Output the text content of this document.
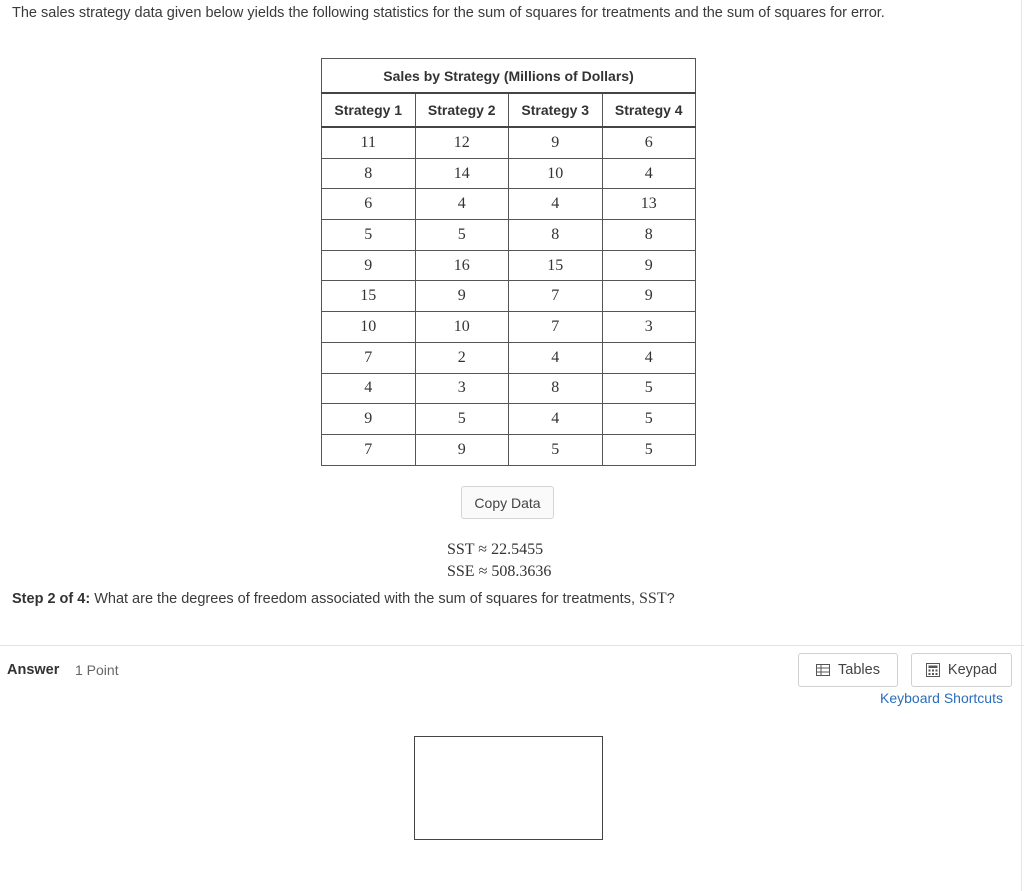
The sales strategy data given below yields the following statistics for the sum of squares for treatments and the sum of squares for error.
Sales by Strategy (Millions of Dollars)			
Strategy 1	Strategy 2	Strategy 3	Strategy 4
11	12	9	6
8	14	10	4
6	4	4	13
5	5	8	8
9	16	15	9
15	9	7	9
10	10	7	3
7	2	4	4
4	3	8	5
9	5	4	5
7	9	5	5
Copy Data
SST ≈ 22.5455
SSE ≈ 508.3636
Step 2 of 4: What are the degrees of freedom associated with the sum of squares for treatments, SST?
Answer 1 Point	Tables	Keypad
Keyboard Shortcuts
